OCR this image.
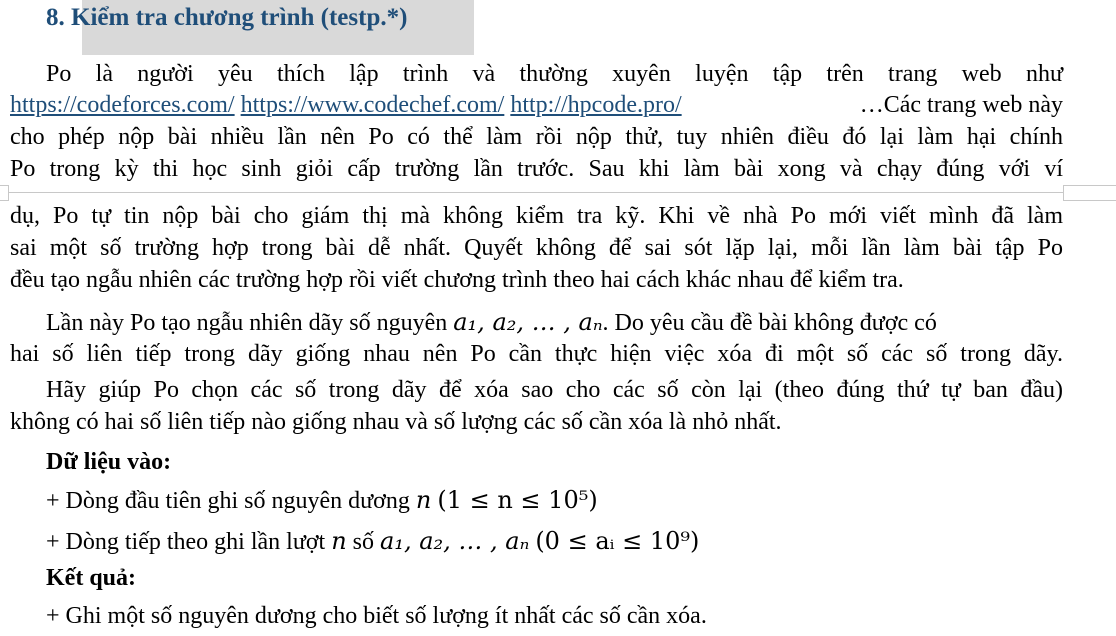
8. Kiểm tra chương trình (testp.*)
Po là người yêu thích lập trình và thường xuyên luyện tập trên trang web như
https://codeforces.com/ https://www.codechef.com/ http://hpcode.pro/	…Các trang web này
cho phép nộp bài nhiều lần nên Po có thể làm rồi nộp thử, tuy nhiên điều đó lại làm hại chính
Po trong kỳ thi học sinh giỏi cấp trường lần trước. Sau khi làm bài xong và chạy đúng với ví
dụ, Po tự tin nộp bài cho giám thị mà không kiểm tra kỹ. Khi về nhà Po mới viết mình đã làm
sai một số trường hợp trong bài dễ nhất. Quyết không để sai sót lặp lại, mỗi lần làm bài tập Po
đều tạo ngẫu nhiên các trường hợp rồi viết chương trình theo hai cách khác nhau để kiểm tra.
Lần này Po tạo ngẫu nhiên dãy số nguyên a₁, a₂, … , aₙ. Do yêu cầu đề bài không được có
hai số liên tiếp trong dãy giống nhau nên Po cần thực hiện việc xóa đi một số các số trong dãy.
Hãy giúp Po chọn các số trong dãy để xóa sao cho các số còn lại (theo đúng thứ tự ban đầu)
không có hai số liên tiếp nào giống nhau và số lượng các số cần xóa là nhỏ nhất.
Dữ liệu vào:
+ Dòng đầu tiên ghi số nguyên dương n (1 ≤ n ≤ 10⁵)
+ Dòng tiếp theo ghi lần lượt n số a₁, a₂, … , aₙ (0 ≤ aᵢ ≤ 10⁹)
Kết quả:
+ Ghi một số nguyên dương cho biết số lượng ít nhất các số cần xóa.
